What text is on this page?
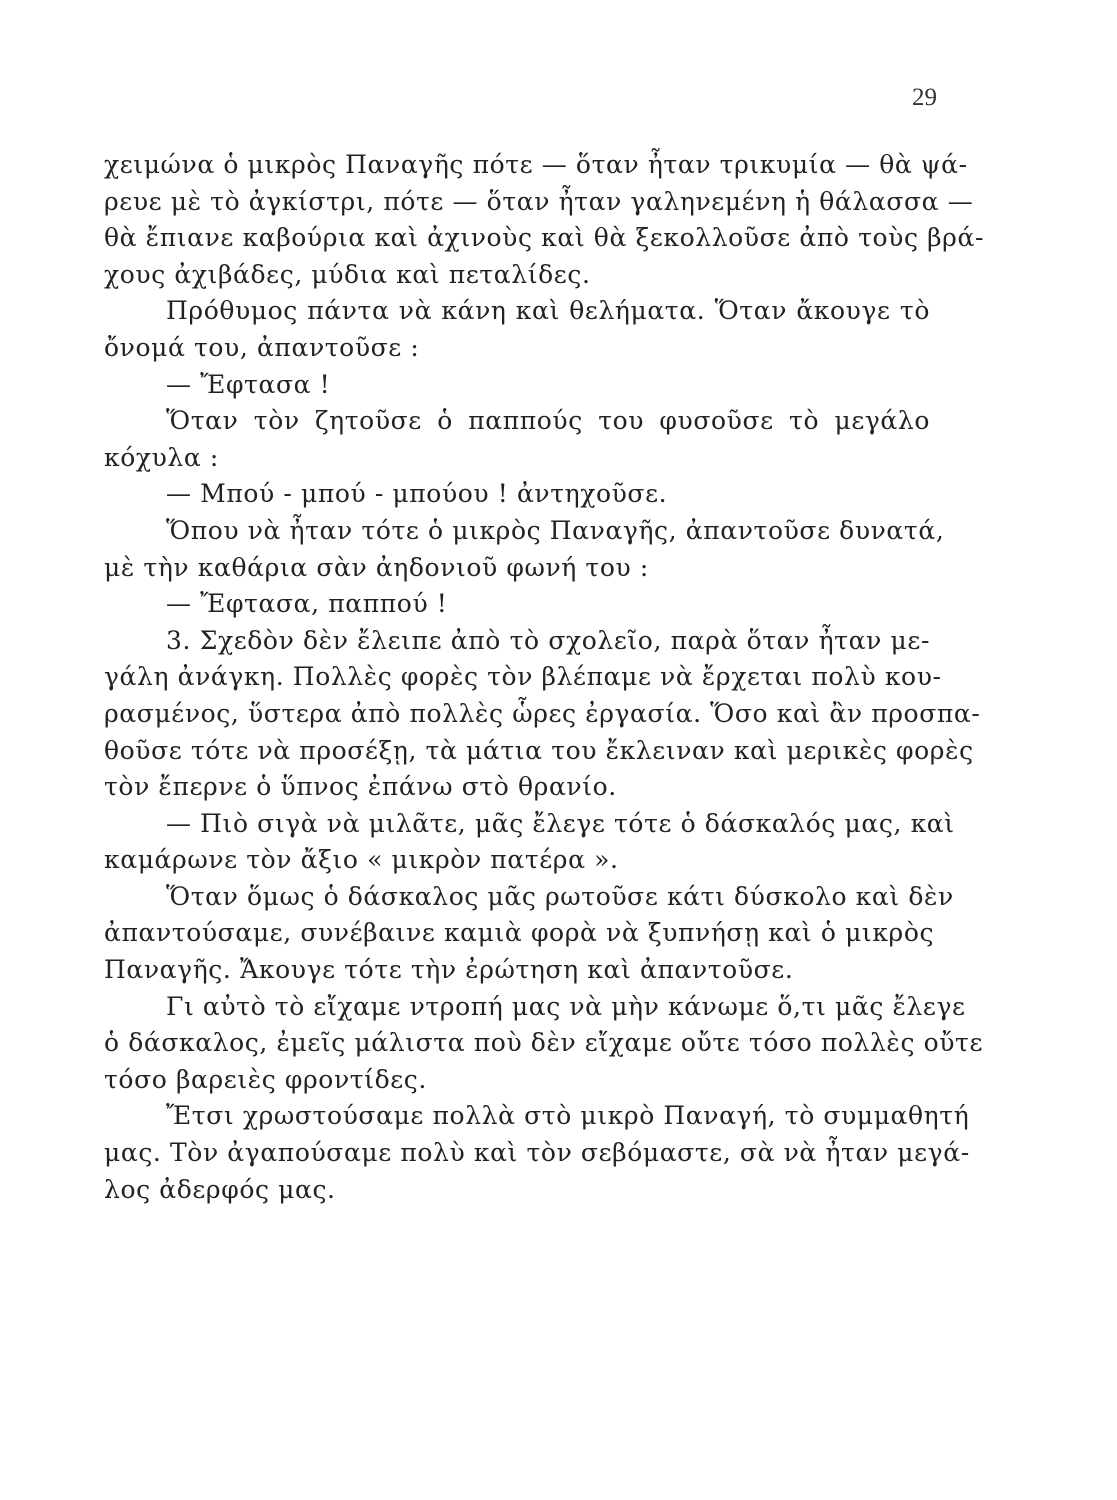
29
χειμώνα ὁ μικρὸς Παναγῆς πότε — ὅταν ἦταν τρικυμία — θὰ ψά-
ρευε μὲ τὸ ἀγκίστρι, πότε — ὅταν ἦταν γαληνεμένη ἡ θάλασσα —
θὰ ἔπιανε καβούρια καὶ ἀχινοὺς καὶ θὰ ξεκολλοῦσε ἀπὸ τοὺς βρά-
χους ἀχιβάδες, μύδια καὶ πεταλίδες.
Πρόθυμος πάντα νὰ κάνη καὶ θελήματα. Ὅταν ἄκουγε τὸ
ὄνομά του, ἀπαντοῦσε :
— Ἔφτασα !
Ὅταν τὸν ζητοῦσε ὁ παππούς του φυσοῦσε τὸ μεγάλο
κόχυλα :
— Μπού - μπού - μπούου ! ἀντηχοῦσε.
Ὅπου νὰ ἦταν τότε ὁ μικρὸς Παναγῆς, ἀπαντοῦσε δυνατά,
μὲ τὴν καθάρια σὰν ἀηδονιοῦ φωνή του :
— Ἔφτασα, παππού !
3. Σχεδὸν δὲν ἔλειπε ἀπὸ τὸ σχολεῖο, παρὰ ὅταν ἦταν με-
γάλη ἀνάγκη. Πολλὲς φορὲς τὸν βλέπαμε νὰ ἔρχεται πολὺ κου-
ρασμένος, ὕστερα ἀπὸ πολλὲς ὧρες ἐργασία. Ὅσο καὶ ἂν προσπα-
θοῦσε τότε νὰ προσέξῃ, τὰ μάτια του ἔκλειναν καὶ μερικὲς φορὲς
τὸν ἔπερνε ὁ ὕπνος ἐπάνω στὸ θρανίο.
— Πιὸ σιγὰ νὰ μιλᾶτε, μᾶς ἔλεγε τότε ὁ δάσκαλός μας, καὶ
καμάρωνε τὸν ἄξιο « μικρὸν πατέρα ».
Ὅταν ὅμως ὁ δάσκαλος μᾶς ρωτοῦσε κάτι δύσκολο καὶ δὲν
ἀπαντούσαμε, συνέβαινε καμιὰ φορὰ νὰ ξυπνήσῃ καὶ ὁ μικρὸς
Παναγῆς. Ἄκουγε τότε τὴν ἐρώτηση καὶ ἀπαντοῦσε.
Γι αὐτὸ τὸ εἴχαμε ντροπή μας νὰ μὴν κάνωμε ὅ,τι μᾶς ἔλεγε
ὁ δάσκαλος, ἐμεῖς μάλιστα ποὺ δὲν εἴχαμε οὔτε τόσο πολλὲς οὔτε
τόσο βαρειὲς φροντίδες.
Ἔτσι χρωστούσαμε πολλὰ στὸ μικρὸ Παναγή, τὸ συμμαθητή
μας. Τὸν ἀγαπούσαμε πολὺ καὶ τὸν σεβόμαστε, σὰ νὰ ἦταν μεγά-
λος ἀδερφός μας.
